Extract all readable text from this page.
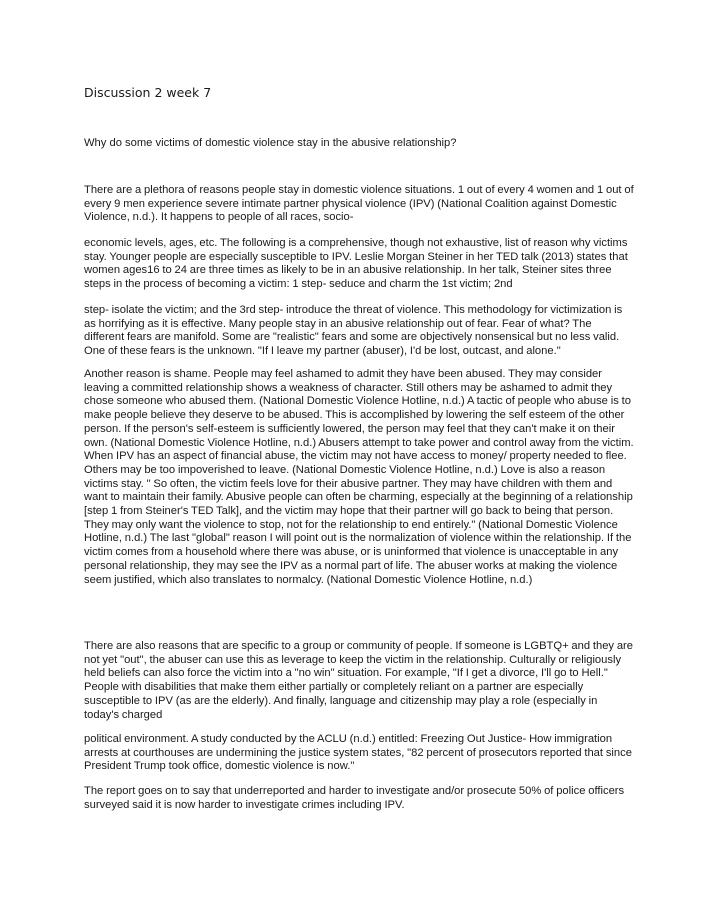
Discussion 2 week 7
Why do some victims of domestic violence stay in the abusive relationship?

There are a plethora of reasons people stay in domestic violence situations. 1 out of every 4 women and 1 out of every 9 men experience severe intimate partner physical violence (IPV) (National Coalition against Domestic Violence, n.d.). It happens to people of all races, socio-

economic levels, ages, etc. The following is a comprehensive, though not exhaustive, list of reason why victims stay. Younger people are especially susceptible to IPV. Leslie Morgan Steiner in her TED talk (2013) states that women ages16 to 24 are three times as likely to be in an abusive relationship. In her talk, Steiner sites three steps in the process of becoming a victim: 1 step- seduce and charm the 1st victim; 2nd

step- isolate the victim; and the 3rd step- introduce the threat of violence. This methodology for victimization is as horrifying as it is effective. Many people stay in an abusive relationship out of fear. Fear of what? The different fears are manifold. Some are "realistic" fears and some are objectively nonsensical but no less valid. One of these fears is the unknown. "If I leave my partner (abuser), I'd be lost, outcast, and alone."

Another reason is shame. People may feel ashamed to admit they have been abused. They may consider leaving a committed relationship shows a weakness of character. Still others may be ashamed to admit they chose someone who abused them. (National Domestic Violence Hotline, n.d.) A tactic of people who abuse is to make people believe they deserve to be abused. This is accomplished by lowering the self esteem of the other person. If the person's self-esteem is sufficiently lowered, the person may feel that they can't make it on their own. (National Domestic Violence Hotline, n.d.) Abusers attempt to take power and control away from the victim. When IPV has an aspect of financial abuse, the victim may not have access to money/ property needed to flee. Others may be too impoverished to leave. (National Domestic Violence Hotline, n.d.) Love is also a reason victims stay. " So often, the victim feels love for their abusive partner. They may have children with them and want to maintain their family. Abusive people can often be charming, especially at the beginning of a relationship [step 1 from Steiner's TED Talk], and the victim may hope that their partner will go back to being that person. They may only want the violence to stop, not for the relationship to end entirely." (National Domestic Violence Hotline, n.d.) The last "global" reason I will point out is the normalization of violence within the relationship. If the victim comes from a household where there was abuse, or is uninformed that violence is unacceptable in any personal relationship, they may see the IPV as a normal part of life. The abuser works at making the violence seem justified, which also translates to normalcy. (National Domestic Violence Hotline, n.d.)

There are also reasons that are specific to a group or community of people. If someone is LGBTQ+ and they are not yet "out", the abuser can use this as leverage to keep the victim in the relationship. Culturally or religiously held beliefs can also force the victim into a "no win" situation. For example, "If I get a divorce, I'll go to Hell." People with disabilities that make them either partially or completely reliant on a partner are especially susceptible to IPV (as are the elderly). And finally, language and citizenship may play a role (especially in today's charged

political environment. A study conducted by the ACLU (n.d.) entitled: Freezing Out Justice- How immigration arrests at courthouses are undermining the justice system states, "82 percent of prosecutors reported that since President Trump took office, domestic violence is now."

The report goes on to say that underreported and harder to investigate and/or prosecute 50% of police officers surveyed said it is now harder to investigate crimes including IPV.
